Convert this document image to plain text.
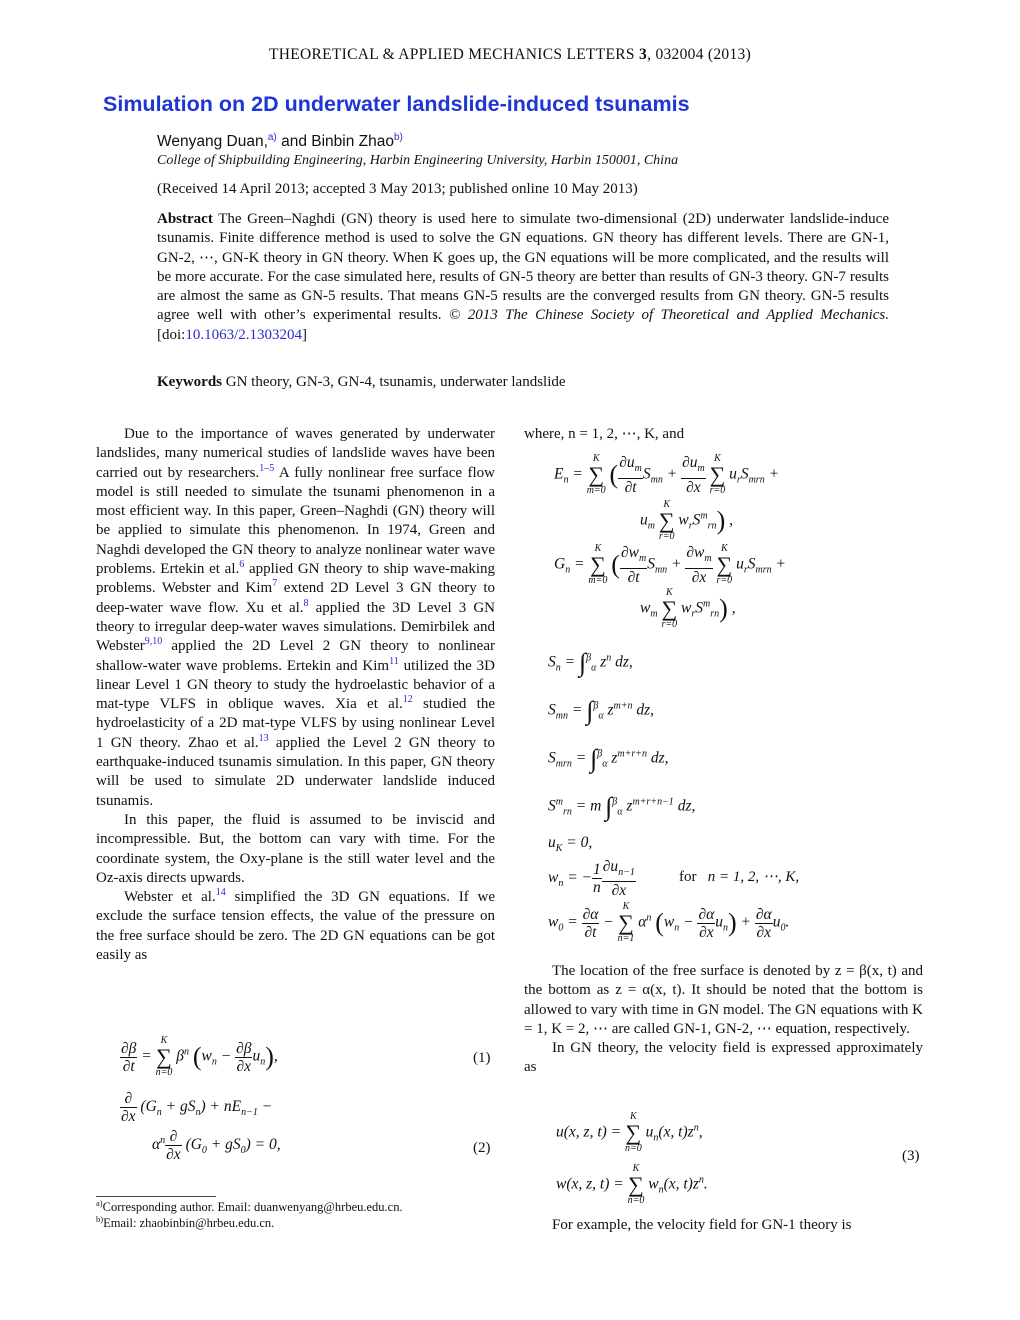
THEORETICAL & APPLIED MECHANICS LETTERS 3, 032004 (2013)
Simulation on 2D underwater landslide-induced tsunamis
Wenyang Duan,$^{a)}$ and Binbin Zhao$^{b)}$
College of Shipbuilding Engineering, Harbin Engineering University, Harbin 150001, China
(Received 14 April 2013; accepted 3 May 2013; published online 10 May 2013)
Abstract The Green–Naghdi (GN) theory is used here to simulate two-dimensional (2D) underwater landslide-induce tsunamis. Finite difference method is used to solve the GN equations. GN theory has different levels. There are GN-1, GN-2, ⋯, GN-K theory in GN theory. When K goes up, the GN equations will be more complicated, and the results will be more accurate. For the case simulated here, results of GN-5 theory are better than results of GN-3 theory. GN-7 results are almost the same as GN-5 results. That means GN-5 results are the converged results from GN theory. GN-5 results agree well with other’s experimental results. © 2013 The Chinese Society of Theoretical and Applied Mechanics. [doi:10.1063/2.1303204]
Keywords GN theory, GN-3, GN-4, tsunamis, underwater landslide

Due to the importance of waves generated by underwater landslides, many numerical studies of landslide waves have been carried out by researchers.$^{1-5}$ A fully nonlinear free surface flow model is still needed to simulate the tsunami phenomenon in a most efficient way. In this paper, Green–Naghdi (GN) theory will be applied to simulate this phenomenon. In 1974, Green and Naghdi developed the GN theory to analyze nonlinear water wave problems. Ertekin et al.$^6$ applied GN theory to ship wave-making problems. Webster and Kim$^7$ extend 2D Level 3 GN theory to deep-water wave flow. Xu et al.$^8$ applied the 3D Level 3 GN theory to irregular deep-water waves simulations. Demirbilek and Webster$^{9,10}$ applied the 2D Level 2 GN theory to nonlinear shallow-water wave problems. Ertekin and Kim$^{11}$ utilized the 3D linear Level 1 GN theory to study the hydroelastic behavior of a mat-type VLFS in oblique waves. Xia et al.$^{12}$ studied the hydroelasticity of a 2D mat-type VLFS by using nonlinear Level 1 GN theory. Zhao et al.$^{13}$ applied the Level 2 GN theory to earthquake-induced tsunamis simulation. In this paper, GN theory will be used to simulate 2D underwater landslide induced tsunamis.

In this paper, the fluid is assumed to be inviscid and incompressible. But, the bottom can vary with time. For the coordinate system, the Oxy-plane is the still water level and the Oz-axis directs upwards.

Webster et al.$^{14}$ simplified the 3D GN equations. If we exclude the surface tension effects, the value of the pressure on the free surface should be zero. The 2D GN equations can be got easily as

$\frac{\partial\beta}{\partial t}$ =
K
∑
n=0
$\beta^n$ $(w_n - \frac{\partial\beta}{\partial x} u_n)$,	(1)
$\frac{\partial}{\partial x} (G_n + gS_n) + nE_{n-1}$ −
$\alpha^n \frac{\partial}{\partial x} (G_0 + gS_0) = 0$,	(2)
$^{a)}$Corresponding author. Email: duanwenyang@hrbeu.edu.cn.
$^{b)}$Email: zhaobinbin@hrbeu.edu.cn.
where, n = 1, 2, ⋯, K, and
$E_n$ =
K
∑
m=0
( $\frac{\partial u_m}{\partial t} S_{mn} + \frac{\partial u_m}{\partial x}$
K
∑
r=0
$u_rS_{mrn}$ +
$u_m$
K
∑
r=0
$w_rS^m_{rn}$) ,
$G_n$ =
K
∑
m=0
( $\frac{\partial w_m}{\partial t} S_{mn} + \frac{\partial w_m}{\partial x}$
K
∑
r=0
$u_rS_{mrn}$ +
$w_m$
K
∑
r=0
$w_rS^m_{rn}$) ,
$S_n = \int^\beta_\alpha$ $z^n$ dz,
$S_{mn} = \int^\beta_\alpha$ $z^{m+n}$ dz,
$S_{mrn} = \int^\beta_\alpha$ $z^{m+r+n}$ dz,
$S^m_{rn} = m$ ∫$^\beta_\alpha$ $z^{m+r+n-1}$ dz,
$u_K = 0$,
$w_n$ = − $\frac{1}{n} \frac{\partial u_{n-1}}{\partial x}$	for n = 1, 2, ⋯, K,
$w_0 = \frac{\partial\alpha}{\partial t}$ −
K
∑
n=1
$\alpha^n$ $(w_n - \frac{\partial\alpha}{\partial x} u_n) + \frac{\partial\alpha}{\partial x} u_0$.

The location of the free surface is denoted by z = β(x, t) and the bottom as z = α(x, t). It should be noted that the bottom is allowed to vary with time in GN model. The GN equations with K = 1, K = 2, ⋯ are called GN-1, GN-2, ⋯ equation, respectively.

In GN theory, the velocity field is expressed approximately as

u(x, z, t) =
K
∑
n=0
$u_n(x$, $t)z^n$,
w(x, z, t) =
K
∑
n=0
$w_n(x$, $t)z^n$.
(3)

For example, the velocity field for GN-1 theory is
